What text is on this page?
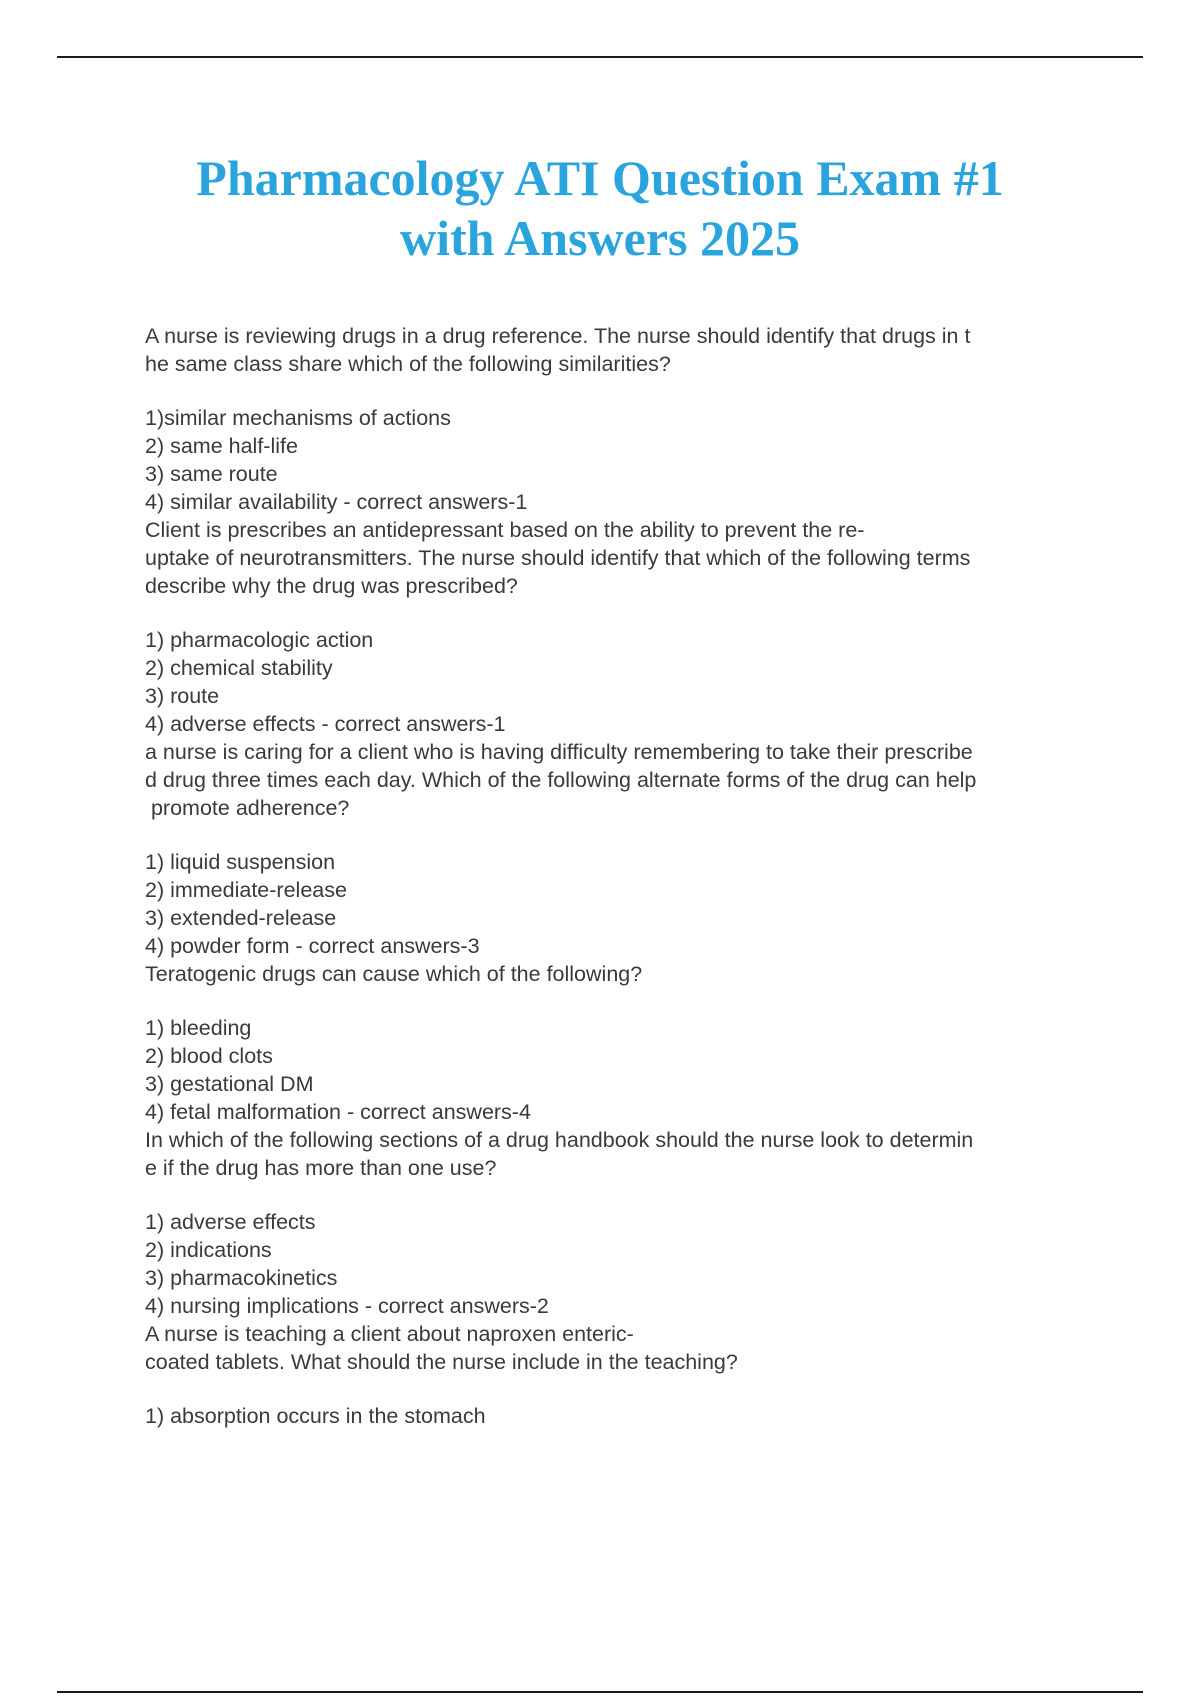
Pharmacology ATI Question Exam #1
with Answers 2025

A nurse is reviewing drugs in a drug reference. The nurse should identify that drugs in t

he same class share which of the following similarities?

1)similar mechanisms of actions

2) same half-life

3) same route

4) similar availability - correct answers-1

Client is prescribes an antidepressant based on the ability to prevent the re-

uptake of neurotransmitters. The nurse should identify that which of the following terms

describe why the drug was prescribed?

1) pharmacologic action

2) chemical stability

3) route

4) adverse effects - correct answers-1

a nurse is caring for a client who is having difficulty remembering to take their prescribe

d drug three times each day. Which of the following alternate forms of the drug can help

promote adherence?

1) liquid suspension

2) immediate-release

3) extended-release

4) powder form - correct answers-3

Teratogenic drugs can cause which of the following?

1) bleeding

2) blood clots

3) gestational DM

4) fetal malformation - correct answers-4

In which of the following sections of a drug handbook should the nurse look to determin

e if the drug has more than one use?

1) adverse effects

2) indications

3) pharmacokinetics

4) nursing implications - correct answers-2

A nurse is teaching a client about naproxen enteric-

coated tablets. What should the nurse include in the teaching?

1) absorption occurs in the stomach
